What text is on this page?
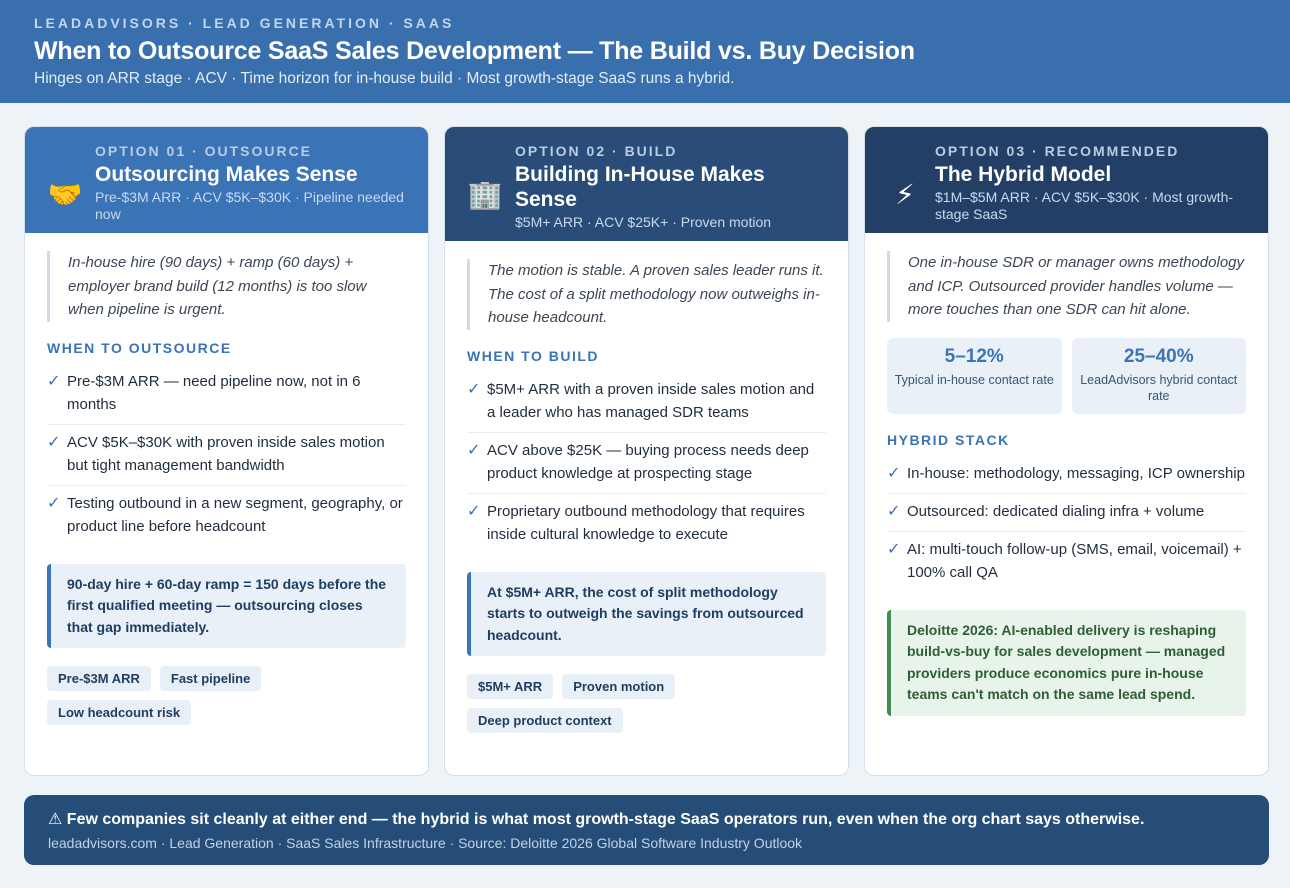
LEADADVISORS · LEAD GENERATION · SAAS
When to Outsource SaaS Sales Development — The Build vs. Buy Decision
Hinges on ARR stage · ACV · Time horizon for in-house build · Most growth-stage SaaS runs a hybrid.
🤝
OPTION 01 · OUTSOURCE
Outsourcing Makes Sense
Pre-$3M ARR · ACV $5K–$30K · Pipeline needed now
In-house hire (90 days) + ramp (60 days) + employer brand build (12 months) is too slow when pipeline is urgent.
WHEN TO OUTSOURCE
✓ Pre-$3M ARR — need pipeline now, not in 6 months
✓ ACV $5K–$30K with proven inside sales motion but tight management bandwidth
✓ Testing outbound in a new segment, geography, or product line before headcount
90-day hire + 60-day ramp = 150 days before the first qualified meeting — outsourcing closes that gap immediately.
Pre-$3M ARR	Fast pipeline
Low headcount risk
🏢
OPTION 02 · BUILD
Building In-House Makes Sense
$5M+ ARR · ACV $25K+ · Proven motion
The motion is stable. A proven sales leader runs it. The cost of a split methodology now outweighs in-house headcount.
WHEN TO BUILD
✓ $5M+ ARR with a proven inside sales motion and a leader who has managed SDR teams
✓ ACV above $25K — buying process needs deep product knowledge at prospecting stage
✓ Proprietary outbound methodology that requires inside cultural knowledge to execute
At $5M+ ARR, the cost of split methodology starts to outweigh the savings from outsourced headcount.
$5M+ ARR	Proven motion
Deep product context
⚡
OPTION 03 · RECOMMENDED
The Hybrid Model
$1M–$5M ARR · ACV $5K–$30K · Most growth-stage SaaS
One in-house SDR or manager owns methodology and ICP. Outsourced provider handles volume — more touches than one SDR can hit alone.
5–12%
Typical in-house contact rate
25–40%
LeadAdvisors hybrid contact rate
HYBRID STACK
✓ In-house: methodology, messaging, ICP ownership
✓ Outsourced: dedicated dialing infra + volume
✓ AI: multi-touch follow-up (SMS, email, voicemail) + 100% call QA
Deloitte 2026: AI-enabled delivery is reshaping build-vs-buy for sales development — managed providers produce economics pure in-house teams can't match on the same lead spend.
⚠ Few companies sit cleanly at either end — the hybrid is what most growth-stage SaaS operators run, even when the org chart says otherwise.
leadadvisors.com · Lead Generation · SaaS Sales Infrastructure · Source: Deloitte 2026 Global Software Industry Outlook
